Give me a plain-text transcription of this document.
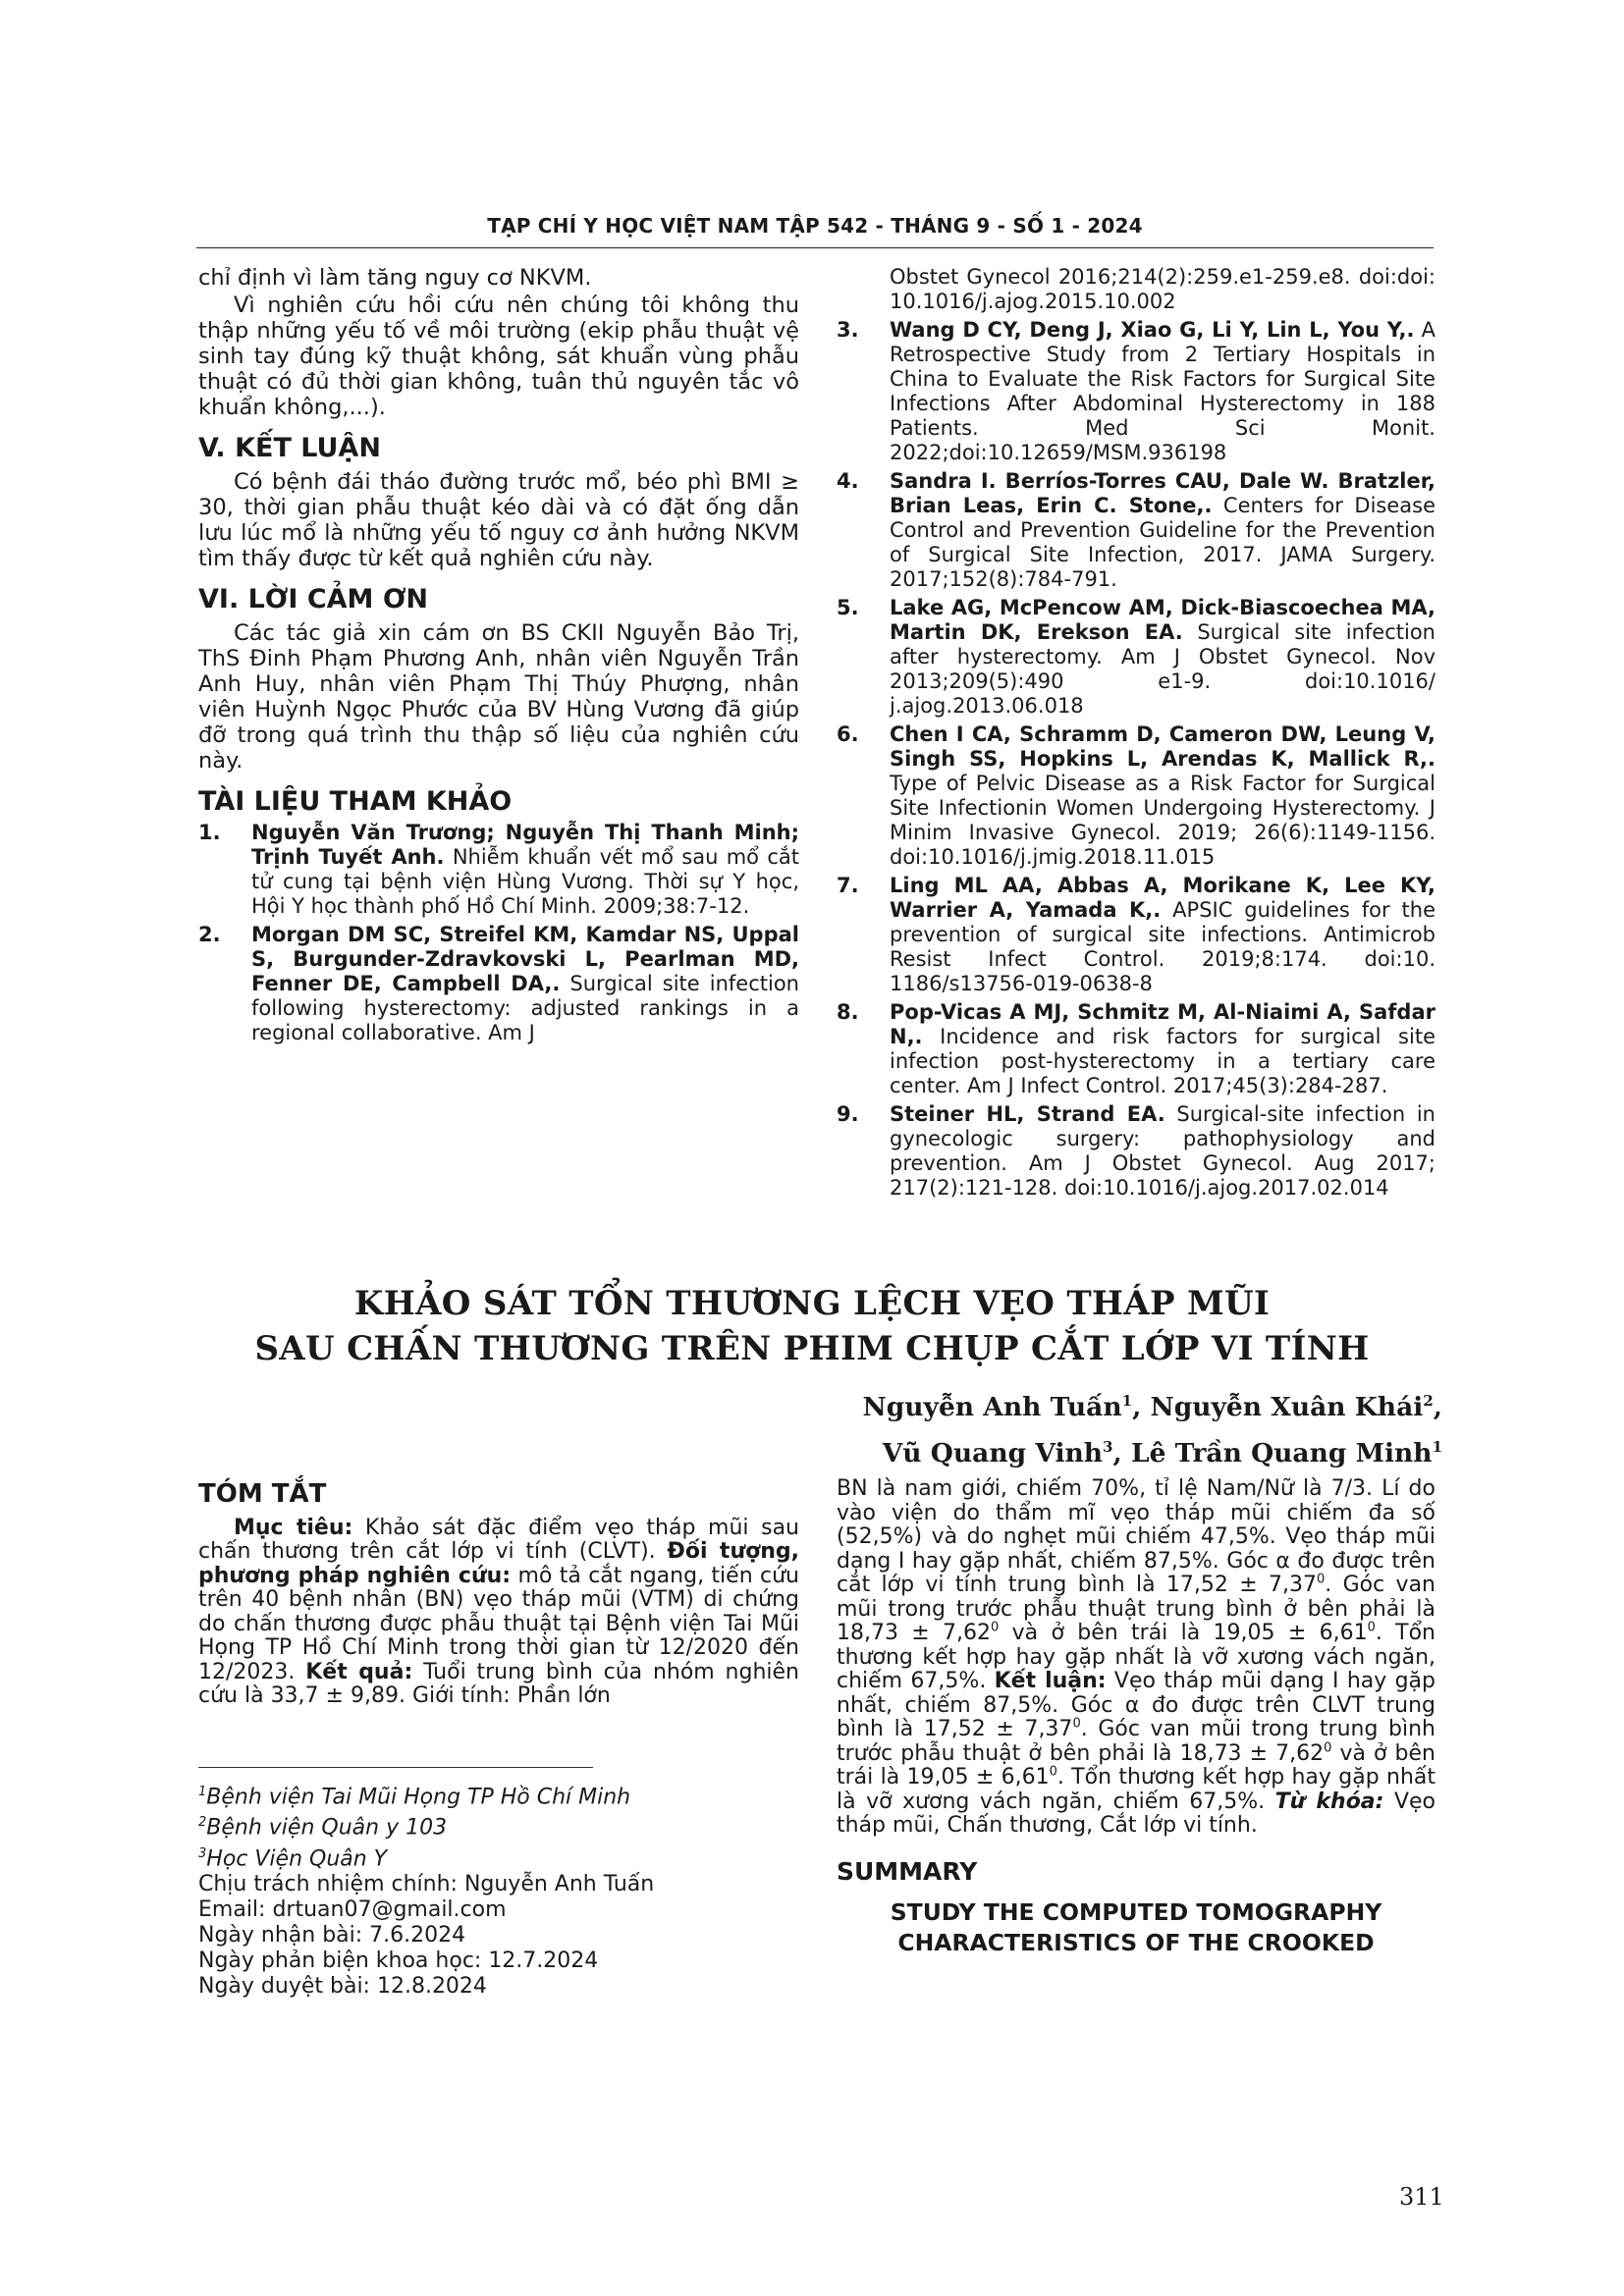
TẠP CHÍ Y HỌC VIỆT NAM TẬP 542 - THÁNG 9 - SỐ 1 - 2024

chỉ định vì làm tăng nguy cơ NKVM.

Vì nghiên cứu hồi cứu nên chúng tôi không thu thập những yếu tố về môi trường (ekip phẫu thuật vệ sinh tay đúng kỹ thuật không, sát khuẩn vùng phẫu thuật có đủ thời gian không, tuân thủ nguyên tắc vô khuẩn không,...).

V. KẾT LUẬN

Có bệnh đái tháo đường trước mổ, béo phì BMI ≥ 30, thời gian phẫu thuật kéo dài và có đặt ống dẫn lưu lúc mổ là những yếu tố nguy cơ ảnh hưởng NKVM tìm thấy được từ kết quả nghiên cứu này.

VI. LỜI CẢM ƠN

Các tác giả xin cám ơn BS CKII Nguyễn Bảo Trị, ThS Đinh Phạm Phương Anh, nhân viên Nguyễn Trần Anh Huy, nhân viên Phạm Thị Thúy Phượng, nhân viên Huỳnh Ngọc Phước của BV Hùng Vương đã giúp đỡ trong quá trình thu thập số liệu của nghiên cứu này.

TÀI LIỆU THAM KHẢO
1. Nguyễn Văn Trương; Nguyễn Thị Thanh Minh; Trịnh Tuyết Anh. Nhiễm khuẩn vết mổ sau mổ cắt tử cung tại bệnh viện Hùng Vương. Thời sự Y học, Hội Y học thành phố Hồ Chí Minh. 2009;38:7-12.
2. Morgan DM SC, Streifel KM, Kamdar NS, Uppal S, Burgunder-Zdravkovski L, Pearlman MD, Fenner DE, Campbell DA,. Surgical site infection following hysterectomy: adjusted rankings in a regional collaborative. Am J
Obstet Gynecol 2016;214(2):259.e1-259.e8. doi:doi: 10.1016/j.ajog.2015.10.002
3. Wang D CY, Deng J, Xiao G, Li Y, Lin L, You Y,. A Retrospective Study from 2 Tertiary Hospitals in China to Evaluate the Risk Factors for Surgical Site Infections After Abdominal Hysterectomy in 188 Patients. Med Sci Monit. 2022;doi:10.12659/MSM.936198
4. Sandra I. Berríos-Torres CAU, Dale W. Bratzler, Brian Leas, Erin C. Stone,. Centers for Disease Control and Prevention Guideline for the Prevention of Surgical Site Infection, 2017. JAMA Surgery. 2017;152(8):784-791.
5. Lake AG, McPencow AM, Dick-Biascoechea MA, Martin DK, Erekson EA. Surgical site infection after hysterectomy. Am J Obstet Gynecol. Nov 2013;209(5):490 e1-9. doi:10.1016/ j.ajog.2013.06.018
6. Chen I CA, Schramm D, Cameron DW, Leung V, Singh SS, Hopkins L, Arendas K, Mallick R,. Type of Pelvic Disease as a Risk Factor for Surgical Site Infectionin Women Undergoing Hysterectomy. J Minim Invasive Gynecol. 2019; 26(6):1149-1156. doi:10.1016/j.jmig.2018.11.015
7. Ling ML AA, Abbas A, Morikane K, Lee KY, Warrier A, Yamada K,. APSIC guidelines for the prevention of surgical site infections. Antimicrob Resist Infect Control. 2019;8:174. doi:10. 1186/s13756-019-0638-8
8. Pop-Vicas A MJ, Schmitz M, Al-Niaimi A, Safdar N,. Incidence and risk factors for surgical site infection post-hysterectomy in a tertiary care center. Am J Infect Control. 2017;45(3):284-287.
9. Steiner HL, Strand EA. Surgical-site infection in gynecologic surgery: pathophysiology and prevention. Am J Obstet Gynecol. Aug 2017; 217(2):121-128. doi:10.1016/j.ajog.2017.02.014
KHẢO SÁT TỔN THƯƠNG LỆCH VẸO THÁP MŨI
SAU CHẤN THƯƠNG TRÊN PHIM CHỤP CẮT LỚP VI TÍNH
Nguyễn Anh Tuấn$^1$, Nguyễn Xuân Khái$^2$,
Vũ Quang Vinh$^3$, Lê Trần Quang Minh$^1$
TÓM TẮT

Mục tiêu: Khảo sát đặc điểm vẹo tháp mũi sau chấn thương trên cắt lớp vi tính (CLVT). Đối tượng, phương pháp nghiên cứu: mô tả cắt ngang, tiến cứu trên 40 bệnh nhân (BN) vẹo tháp mũi (VTM) di chứng do chấn thương được phẫu thuật tại Bệnh viện Tai Mũi Họng TP Hồ Chí Minh trong thời gian từ 12/2020 đến 12/2023. Kết quả: Tuổi trung bình của nhóm nghiên cứu là 33,7 ± 9,89. Giới tính: Phần lớn

BN là nam giới, chiếm 70%, tỉ lệ Nam/Nữ là 7/3. Lí do vào viện do thẩm mĩ vẹo tháp mũi chiếm đa số (52,5%) và do nghẹt mũi chiếm 47,5%. Vẹo tháp mũi dạng I hay gặp nhất, chiếm 87,5%. Góc α đo được trên cắt lớp vi tính trung bình là $17,52 \pm 7,37^0$. Góc van mũi trong trước phẫu thuật trung bình ở bên phải là $18,73 \pm 7,62^0$ và ở bên trái là $19,05 \pm 6,61^0$. Tổn thương kết hợp hay gặp nhất là vỡ xương vách ngăn, chiếm 67,5%. Kết luận: Vẹo tháp mũi dạng I hay gặp nhất, chiếm 87,5%. Góc α đo được trên CLVT trung bình là $17,52 \pm 7,37^0$. Góc van mũi trong trung bình trước phẫu thuật ở bên phải là $18,73 \pm 7,62^0$ và ở bên trái là $19,05 \pm 6,61^0$. Tổn thương kết hợp hay gặp nhất là vỡ xương vách ngăn, chiếm 67,5%. Từ khóa: Vẹo tháp mũi, Chấn thương, Cắt lớp vi tính.

SUMMARY
STUDY THE COMPUTED TOMOGRAPHY
CHARACTERISTICS OF THE CROOKED
$^1$Bệnh viện Tai Mũi Họng TP Hồ Chí Minh
$^2$Bệnh viện Quân y 103
$^3$Học Viện Quân Y
Chịu trách nhiệm chính: Nguyễn Anh Tuấn
Email: drtuan07@gmail.com
Ngày nhận bài: 7.6.2024
Ngày phản biện khoa học: 12.7.2024
Ngày duyệt bài: 12.8.2024
311
